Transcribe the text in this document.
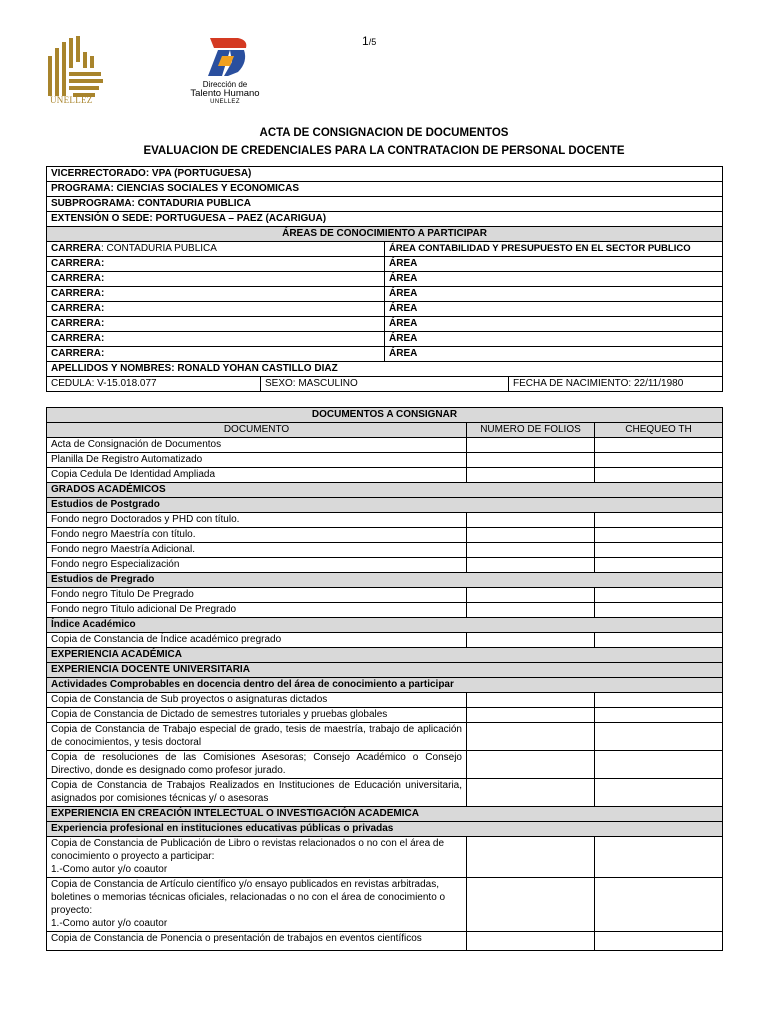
1/5
UNELLEZ
Dirección de
Talento Humano
UNELLEZ
ACTA DE CONSIGNACION DE DOCUMENTOS
EVALUACION DE CREDENCIALES PARA LA CONTRATACION DE PERSONAL DOCENTE
VICERRECTORADO: VPA (PORTUGUESA)			
PROGRAMA: CIENCIAS SOCIALES Y ECONOMICAS			
SUBPROGRAMA: CONTADURIA PUBLICA			
EXTENSIÓN O SEDE: PORTUGUESA – PAEZ (ACARIGUA)			
ÁREAS DE CONOCIMIENTO A PARTICIPAR			
CARRERA: CONTADURIA PUBLICA		ÁREA CONTABILIDAD Y PRESUPUESTO EN EL SECTOR PUBLICO	
CARRERA:		ÁREA	
CARRERA:		ÁREA	
CARRERA:		ÁREA	
CARRERA:		ÁREA	
CARRERA:		ÁREA	
CARRERA:		ÁREA	
CARRERA:		ÁREA	
APELLIDOS Y NOMBRES: RONALD YOHAN CASTILLO DIAZ			
CEDULA: V-15.018.077	SEXO: MASCULINO		FECHA DE NACIMIENTO: 22/11/1980
DOCUMENTOS A CONSIGNAR		
DOCUMENTO	NUMERO DE FOLIOS	CHEQUEO TH
Acta de Consignación de Documentos		
Planilla De Registro Automatizado		
Copia Cedula De Identidad Ampliada		
GRADOS ACADÉMICOS		
Estudios de Postgrado		
Fondo negro Doctorados y PHD con título.		
Fondo negro Maestría con título.		
Fondo negro Maestría Adicional.		
Fondo negro Especialización		
Estudios de Pregrado		
Fondo negro Titulo De Pregrado		
Fondo negro Titulo adicional De Pregrado		
Índice Académico		
Copia de Constancia de Índice académico pregrado		
EXPERIENCIA ACADÉMICA		
EXPERIENCIA DOCENTE UNIVERSITARIA		
Actividades Comprobables en docencia dentro del área de conocimiento a participar		
Copia de Constancia de Sub proyectos o asignaturas dictados		
Copia de Constancia de Dictado de semestres tutoriales y pruebas globales		
Copia de Constancia de Trabajo especial de grado, tesis de maestría, trabajo de aplicación de conocimientos, y tesis doctoral		
Copia de resoluciones de las Comisiones Asesoras; Consejo Académico o Consejo Directivo, donde es designado como profesor jurado.		
Copia de Constancia de Trabajos Realizados en Instituciones de Educación universitaria, asignados por comisiones técnicas y/ o asesoras		
EXPERIENCIA EN CREACIÓN INTELECTUAL O INVESTIGACIÓN ACADEMICA		
Experiencia profesional en instituciones educativas públicas o privadas		

Copia de Constancia de Publicación de Libro o revistas relacionados o no con el área de conocimiento o proyecto a participar:
1.-Como autor y/o coautor		

Copia de Constancia de Artículo científico y/o ensayo publicados en revistas arbitradas, boletines o memorias técnicas oficiales, relacionadas o no con el área de conocimiento o proyecto:
1.-Como autor y/o coautor		

Copia de Constancia de Ponencia o presentación de trabajos en eventos científicos		
